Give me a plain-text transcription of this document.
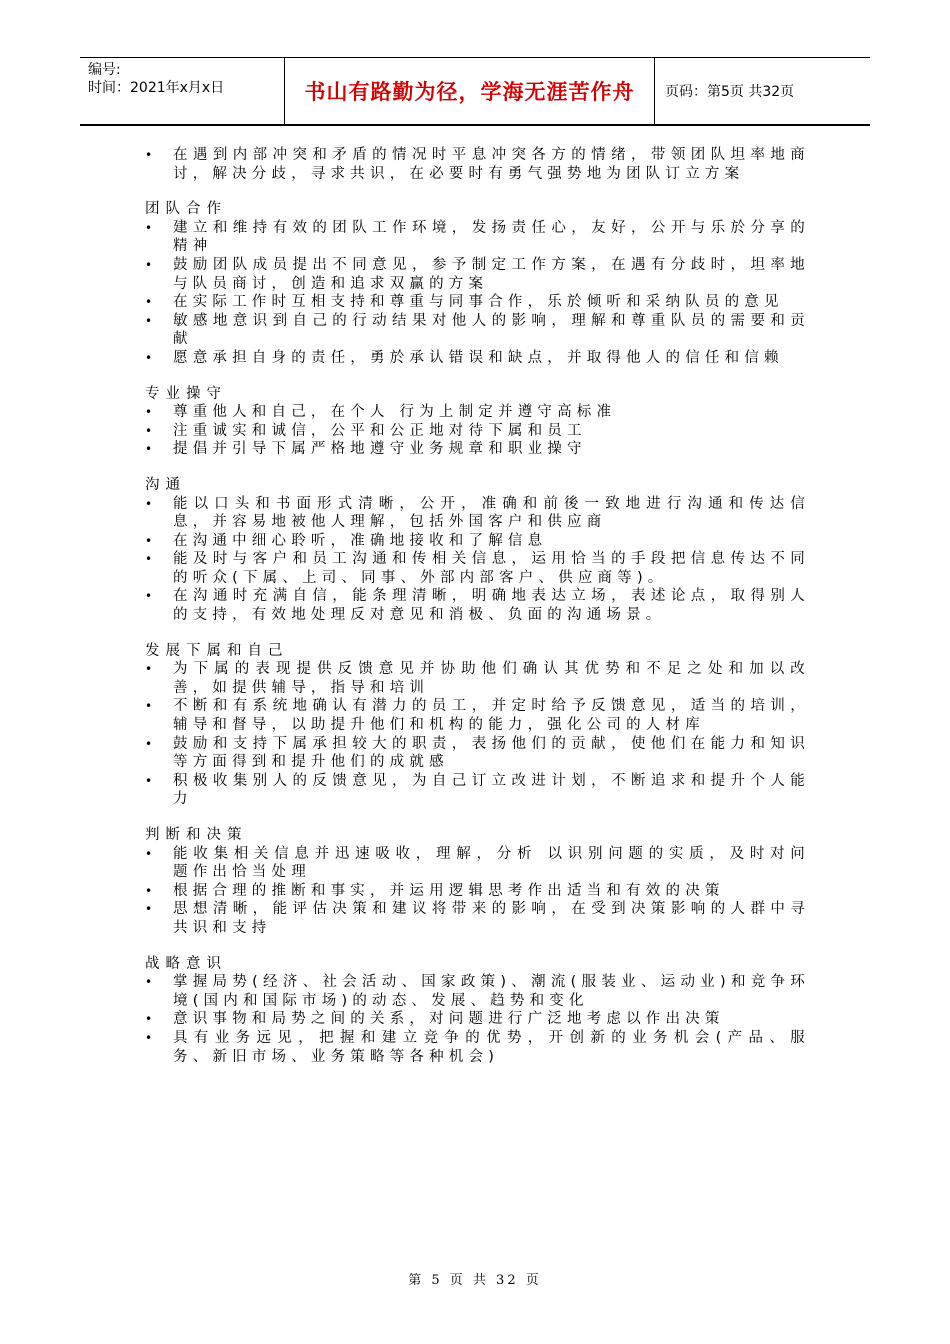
编号:
时间：2021年x月x日	书山有路勤为径，学海无涯苦作舟	页码：第5页 共32页
• 在遇到内部冲突和矛盾的情况时平息冲突各方的情绪，带领团队坦率地商讨，解决分歧，寻求共识，在必要时有勇气强势地为团队订立方案
团队合作
• 建立和维持有效的团队工作环境，发扬责任心，友好，公开与乐於分享的精神
• 鼓励团队成员提出不同意见，参予制定工作方案，在遇有分歧时，坦率地与队员商讨，创造和追求双赢的方案
• 在实际工作时互相支持和尊重与同事合作，乐於倾听和采纳队员的意见
• 敏感地意识到自己的行动结果对他人的影响，理解和尊重队员的需要和贡献
• 愿意承担自身的责任，勇於承认错误和缺点，并取得他人的信任和信赖
专业操守
• 尊重他人和自己，在个人 行为上制定并遵守高标准
• 注重诚实和诚信，公平和公正地对待下属和员工
• 提倡并引导下属严格地遵守业务规章和职业操守
沟通
• 能以口头和书面形式清晰，公开，准确和前後一致地进行沟通和传达信息，并容易地被他人理解，包括外国客户和供应商
• 在沟通中细心聆听，准确地接收和了解信息
• 能及时与客户和员工沟通和传相关信息，运用恰当的手段把信息传达不同的听众(下属、上司、同事、外部内部客户、供应商等)。
• 在沟通时充满自信，能条理清晰，明确地表达立场，表述论点，取得别人的支持，有效地处理反对意见和消极、负面的沟通场景。
发展下属和自己
• 为下属的表现提供反馈意见并协助他们确认其优势和不足之处和加以改善，如提供辅导，指导和培训
• 不断和有系统地确认有潜力的员工，并定时给予反馈意见，适当的培训，辅导和督导，以助提升他们和机构的能力，强化公司的人材库
• 鼓励和支持下属承担较大的职责，表扬他们的贡献，使他们在能力和知识等方面得到和提升他们的成就感
• 积极收集别人的反馈意见，为自己订立改进计划，不断追求和提升个人能力
判断和决策
• 能收集相关信息并迅速吸收，理解，分析 以识别问题的实质，及时对问题作出恰当处理
• 根据合理的推断和事实，并运用逻辑思考作出适当和有效的决策
• 思想清晰，能评估决策和建议将带来的影响，在受到决策影响的人群中寻共识和支持
战略意识
• 掌握局势(经济、社会活动、国家政策)、潮流(服装业、运动业)和竞争环境(国内和国际市场)的动态、发展、趋势和变化
• 意识事物和局势之间的关系，对问题进行广泛地考虑以作出决策
• 具有业务远见，把握和建立竞争的优势，开创新的业务机会(产品、服务、新旧市场、业务策略等各种机会)
第 5 页 共 32 页
